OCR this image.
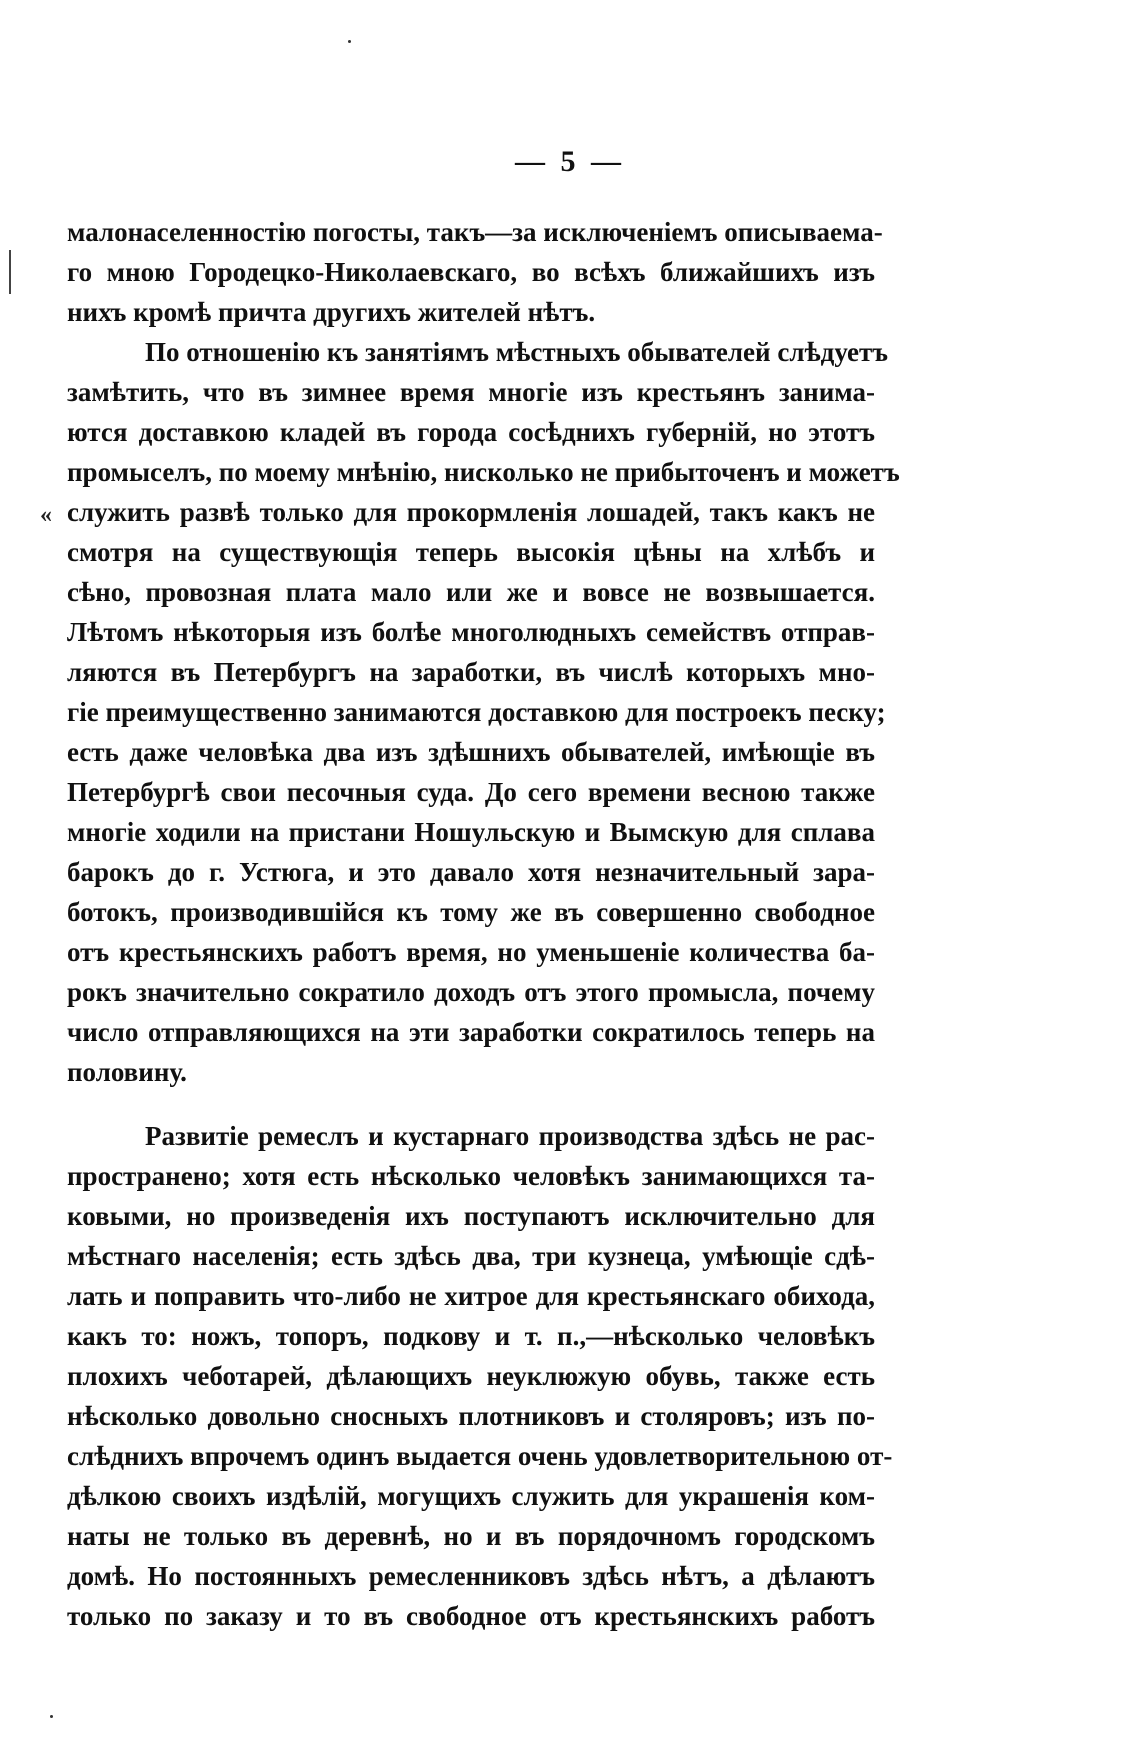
— 5 —
«
малонаселенностію погосты, такъ—за исключеніемъ описываема-
го мною Городецко-Николаевскаго, во всѣхъ ближайшихъ изъ
нихъ кромѣ причта другихъ жителей нѣтъ.
По отношенію къ занятіямъ мѣстныхъ обывателей слѣдуетъ
замѣтить, что въ зимнее время многіе изъ крестьянъ занима-
ются доставкою кладей въ города сосѣднихъ губерній, но этотъ
промыселъ, по моему мнѣнію, нисколько не прибыточенъ и можетъ
служить развѣ только для прокормленія лошадей, такъ какъ не
смотря на существующія теперь высокія цѣны на хлѣбъ и
сѣно, провозная плата мало или же и вовсе не возвышается.
Лѣтомъ нѣкоторыя изъ болѣе многолюдныхъ семействъ отправ-
ляются въ Петербургъ на заработки, въ числѣ которыхъ мно-
гіе преимущественно занимаются доставкою для построекъ песку;
есть даже человѣка два изъ здѣшнихъ обывателей, имѣющіе въ
Петербургѣ свои песочныя суда. До сего времени весною также
многіе ходили на пристани Ношульскую и Вымскую для сплава
барокъ до г. Устюга, и это давало хотя незначительный зара-
ботокъ, производившійся къ тому же въ совершенно свободное
отъ крестьянскихъ работъ время, но уменьшеніе количества ба-
рокъ значительно сократило доходъ отъ этого промысла, почему
число отправляющихся на эти заработки сократилось теперь на
половину.
Развитіе ремеслъ и кустарнаго производства здѣсь не рас-
пространено; хотя есть нѣсколько человѣкъ занимающихся та-
ковыми, но произведенія ихъ поступаютъ исключительно для
мѣстнаго населенія; есть здѣсь два, три кузнеца, умѣющіе сдѣ-
лать и поправить что-либо не хитрое для крестьянскаго обихода,
какъ то: ножъ, топоръ, подкову и т. п.,—нѣсколько человѣкъ
плохихъ чеботарей, дѣлающихъ неуклюжую обувь, также есть
нѣсколько довольно сносныхъ плотниковъ и столяровъ; изъ по-
слѣднихъ впрочемъ одинъ выдается очень удовлетворительною от-
дѣлкою своихъ издѣлій, могущихъ служить для украшенія ком-
наты не только въ деревнѣ, но и въ порядочномъ городскомъ
домѣ. Но постоянныхъ ремесленниковъ здѣсь нѣтъ, а дѣлаютъ
только по заказу и то въ свободное отъ крестьянскихъ работъ
